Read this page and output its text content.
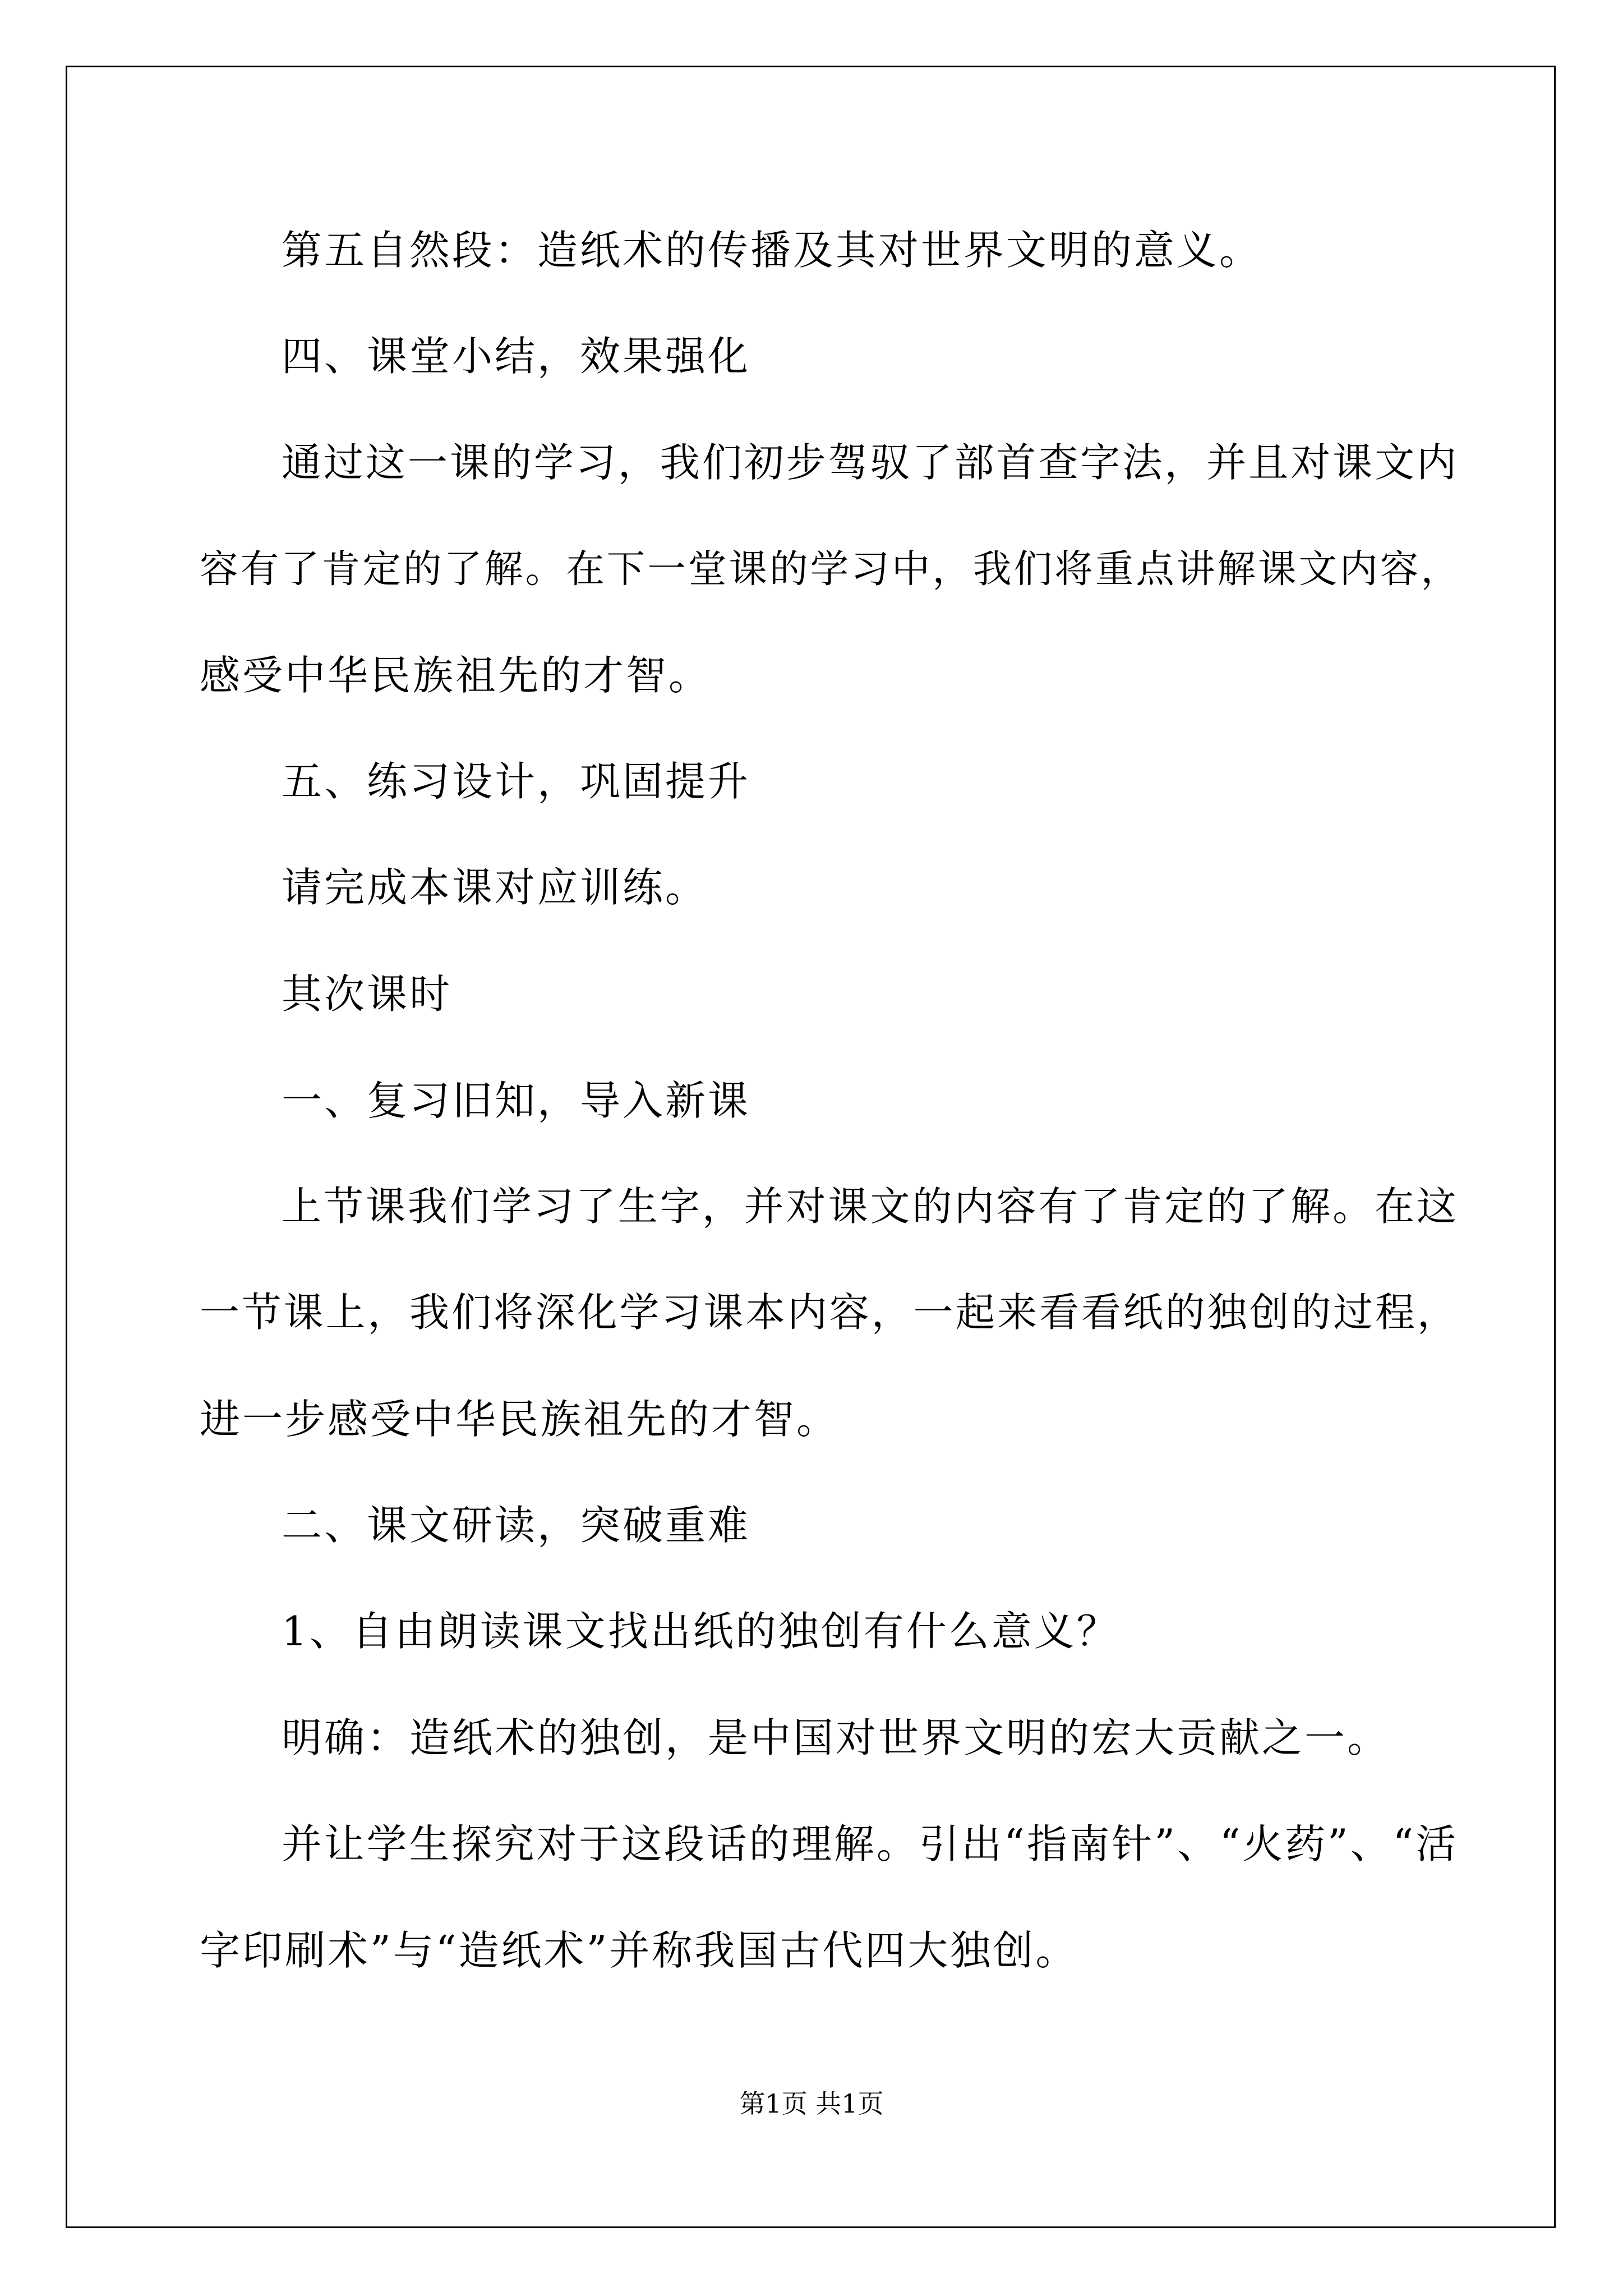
第五自然段：造纸术的传播及其对世界文明的意义。
四、课堂小结，效果强化
通过这一课的学习，我们初步驾驭了部首查字法，并且对课文内
容有了肯定的了解。在下一堂课的学习中，我们将重点讲解课文内容，
感受中华民族祖先的才智。
五、练习设计，巩固提升
请完成本课对应训练。
其次课时
一、复习旧知，导入新课
上节课我们学习了生字，并对课文的内容有了肯定的了解。在这
一节课上，我们将深化学习课本内容，一起来看看纸的独创的过程，
进一步感受中华民族祖先的才智。
二、课文研读，突破重难
1、自由朗读课文找出纸的独创有什么意义？
明确：造纸术的独创，是中国对世界文明的宏大贡献之一。
并让学生探究对于这段话的理解。引出“指南针”、“火药”、“活
字印刷术”与“造纸术”并称我国古代四大独创。
第1页 共1页
